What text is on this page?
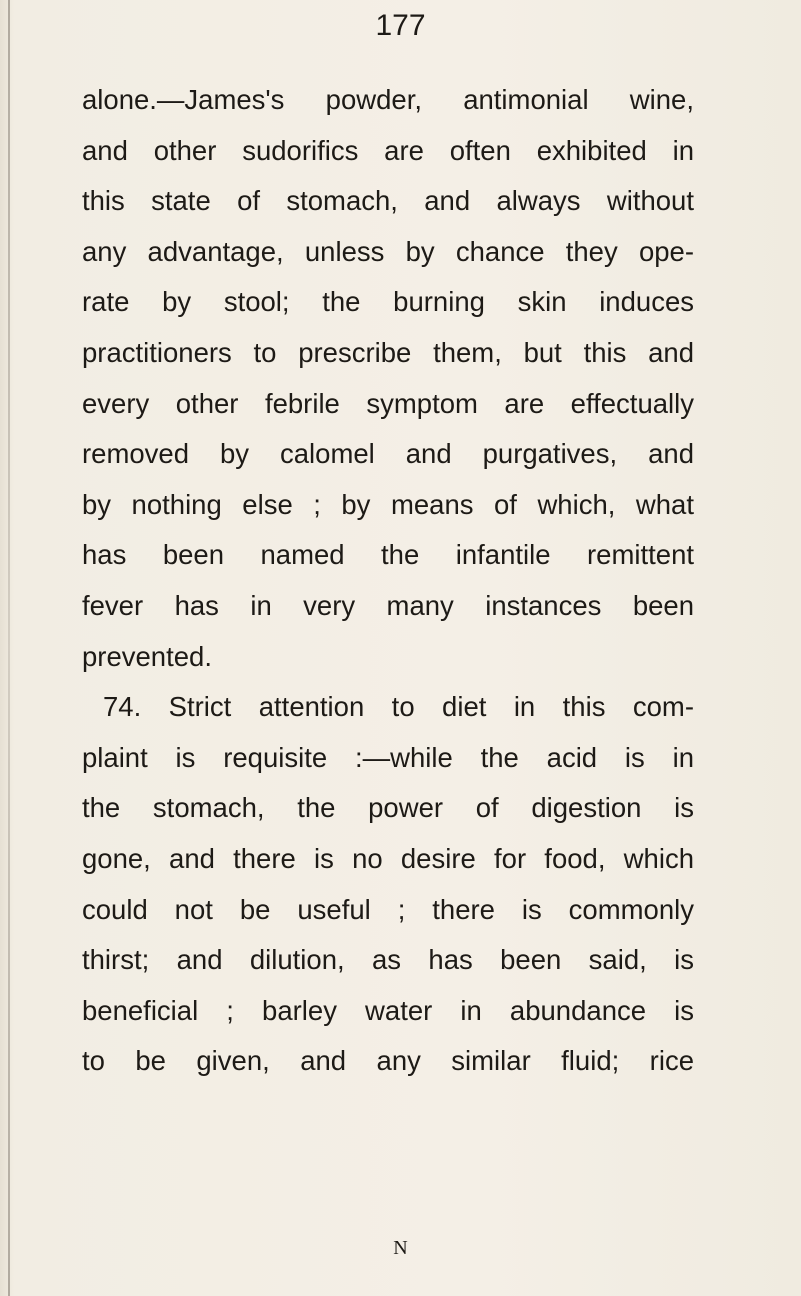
177
alone.—James's powder, antimonial wine,
and other sudorifics are often exhibited in
this state of stomach, and always without
any advantage, unless by chance they ope-
rate by stool; the burning skin induces
practitioners to prescribe them, but this and
every other febrile symptom are effectually
removed by calomel and purgatives, and
by nothing else ; by means of which, what
has been named the infantile remittent
fever has in very many instances been
prevented.
74. Strict attention to diet in this com-
plaint is requisite :—while the acid is in
the stomach, the power of digestion is
gone, and there is no desire for food, which
could not be useful ; there is commonly
thirst; and dilution, as has been said, is
beneficial ; barley water in abundance is
to be given, and any similar fluid; rice
N
